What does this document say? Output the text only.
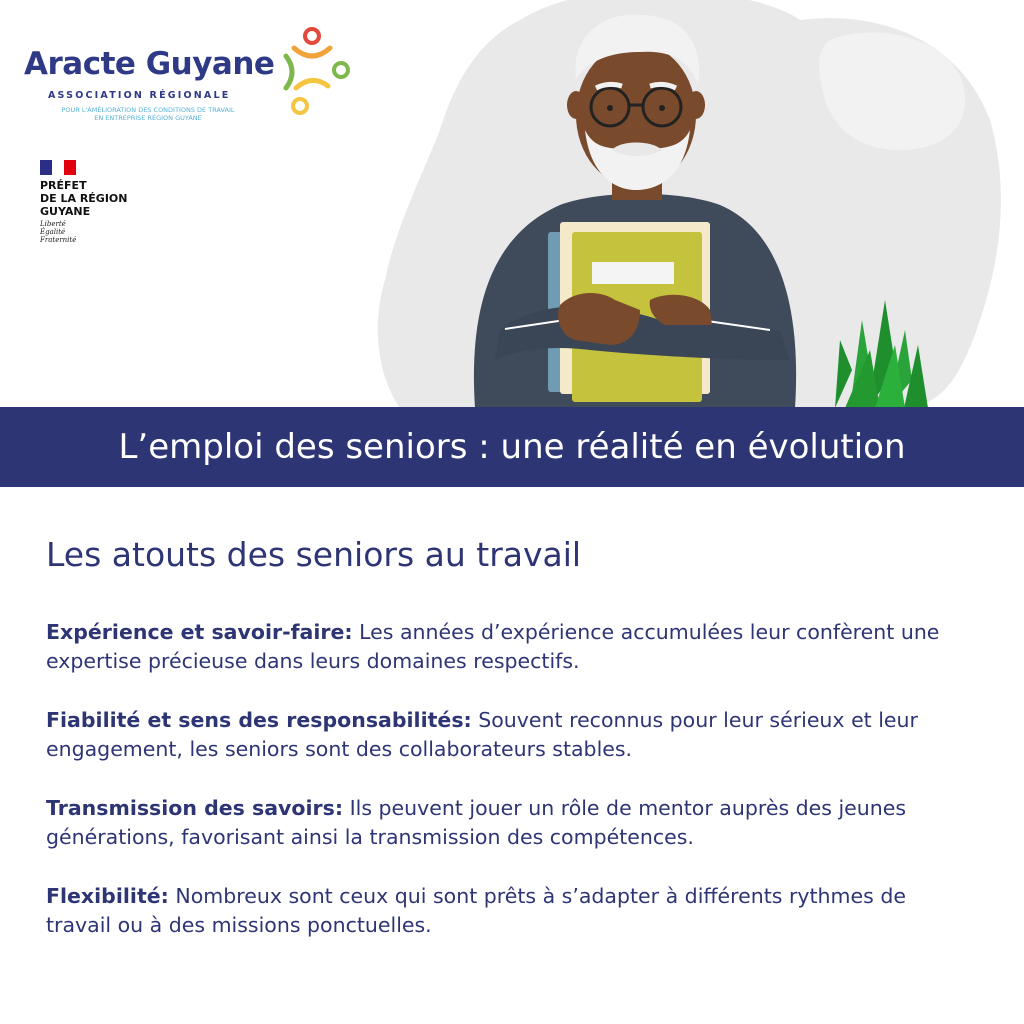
Aracte Guyane
ASSOCIATION RÉGIONALE
POUR L'AMÉLIORATION DES CONDITIONS DE TRAVAIL EN ENTREPRISE RÉGION GUYANE
PRÉFET
DE LA RÉGION
GUYANE
Liberté
Égalité
Fraternité
L’emploi des seniors : une réalité en évolution
Les atouts des seniors au travail

Expérience et savoir-faire: Les années d’expérience accumulées leur confèrent une expertise précieuse dans leurs domaines respectifs.

Fiabilité et sens des responsabilités: Souvent reconnus pour leur sérieux et leur engagement, les seniors sont des collaborateurs stables.

Transmission des savoirs: Ils peuvent jouer un rôle de mentor auprès des jeunes générations, favorisant ainsi la transmission des compétences.

Flexibilité: Nombreux sont ceux qui sont prêts à s’adapter à différents rythmes de travail ou à des missions ponctuelles.
